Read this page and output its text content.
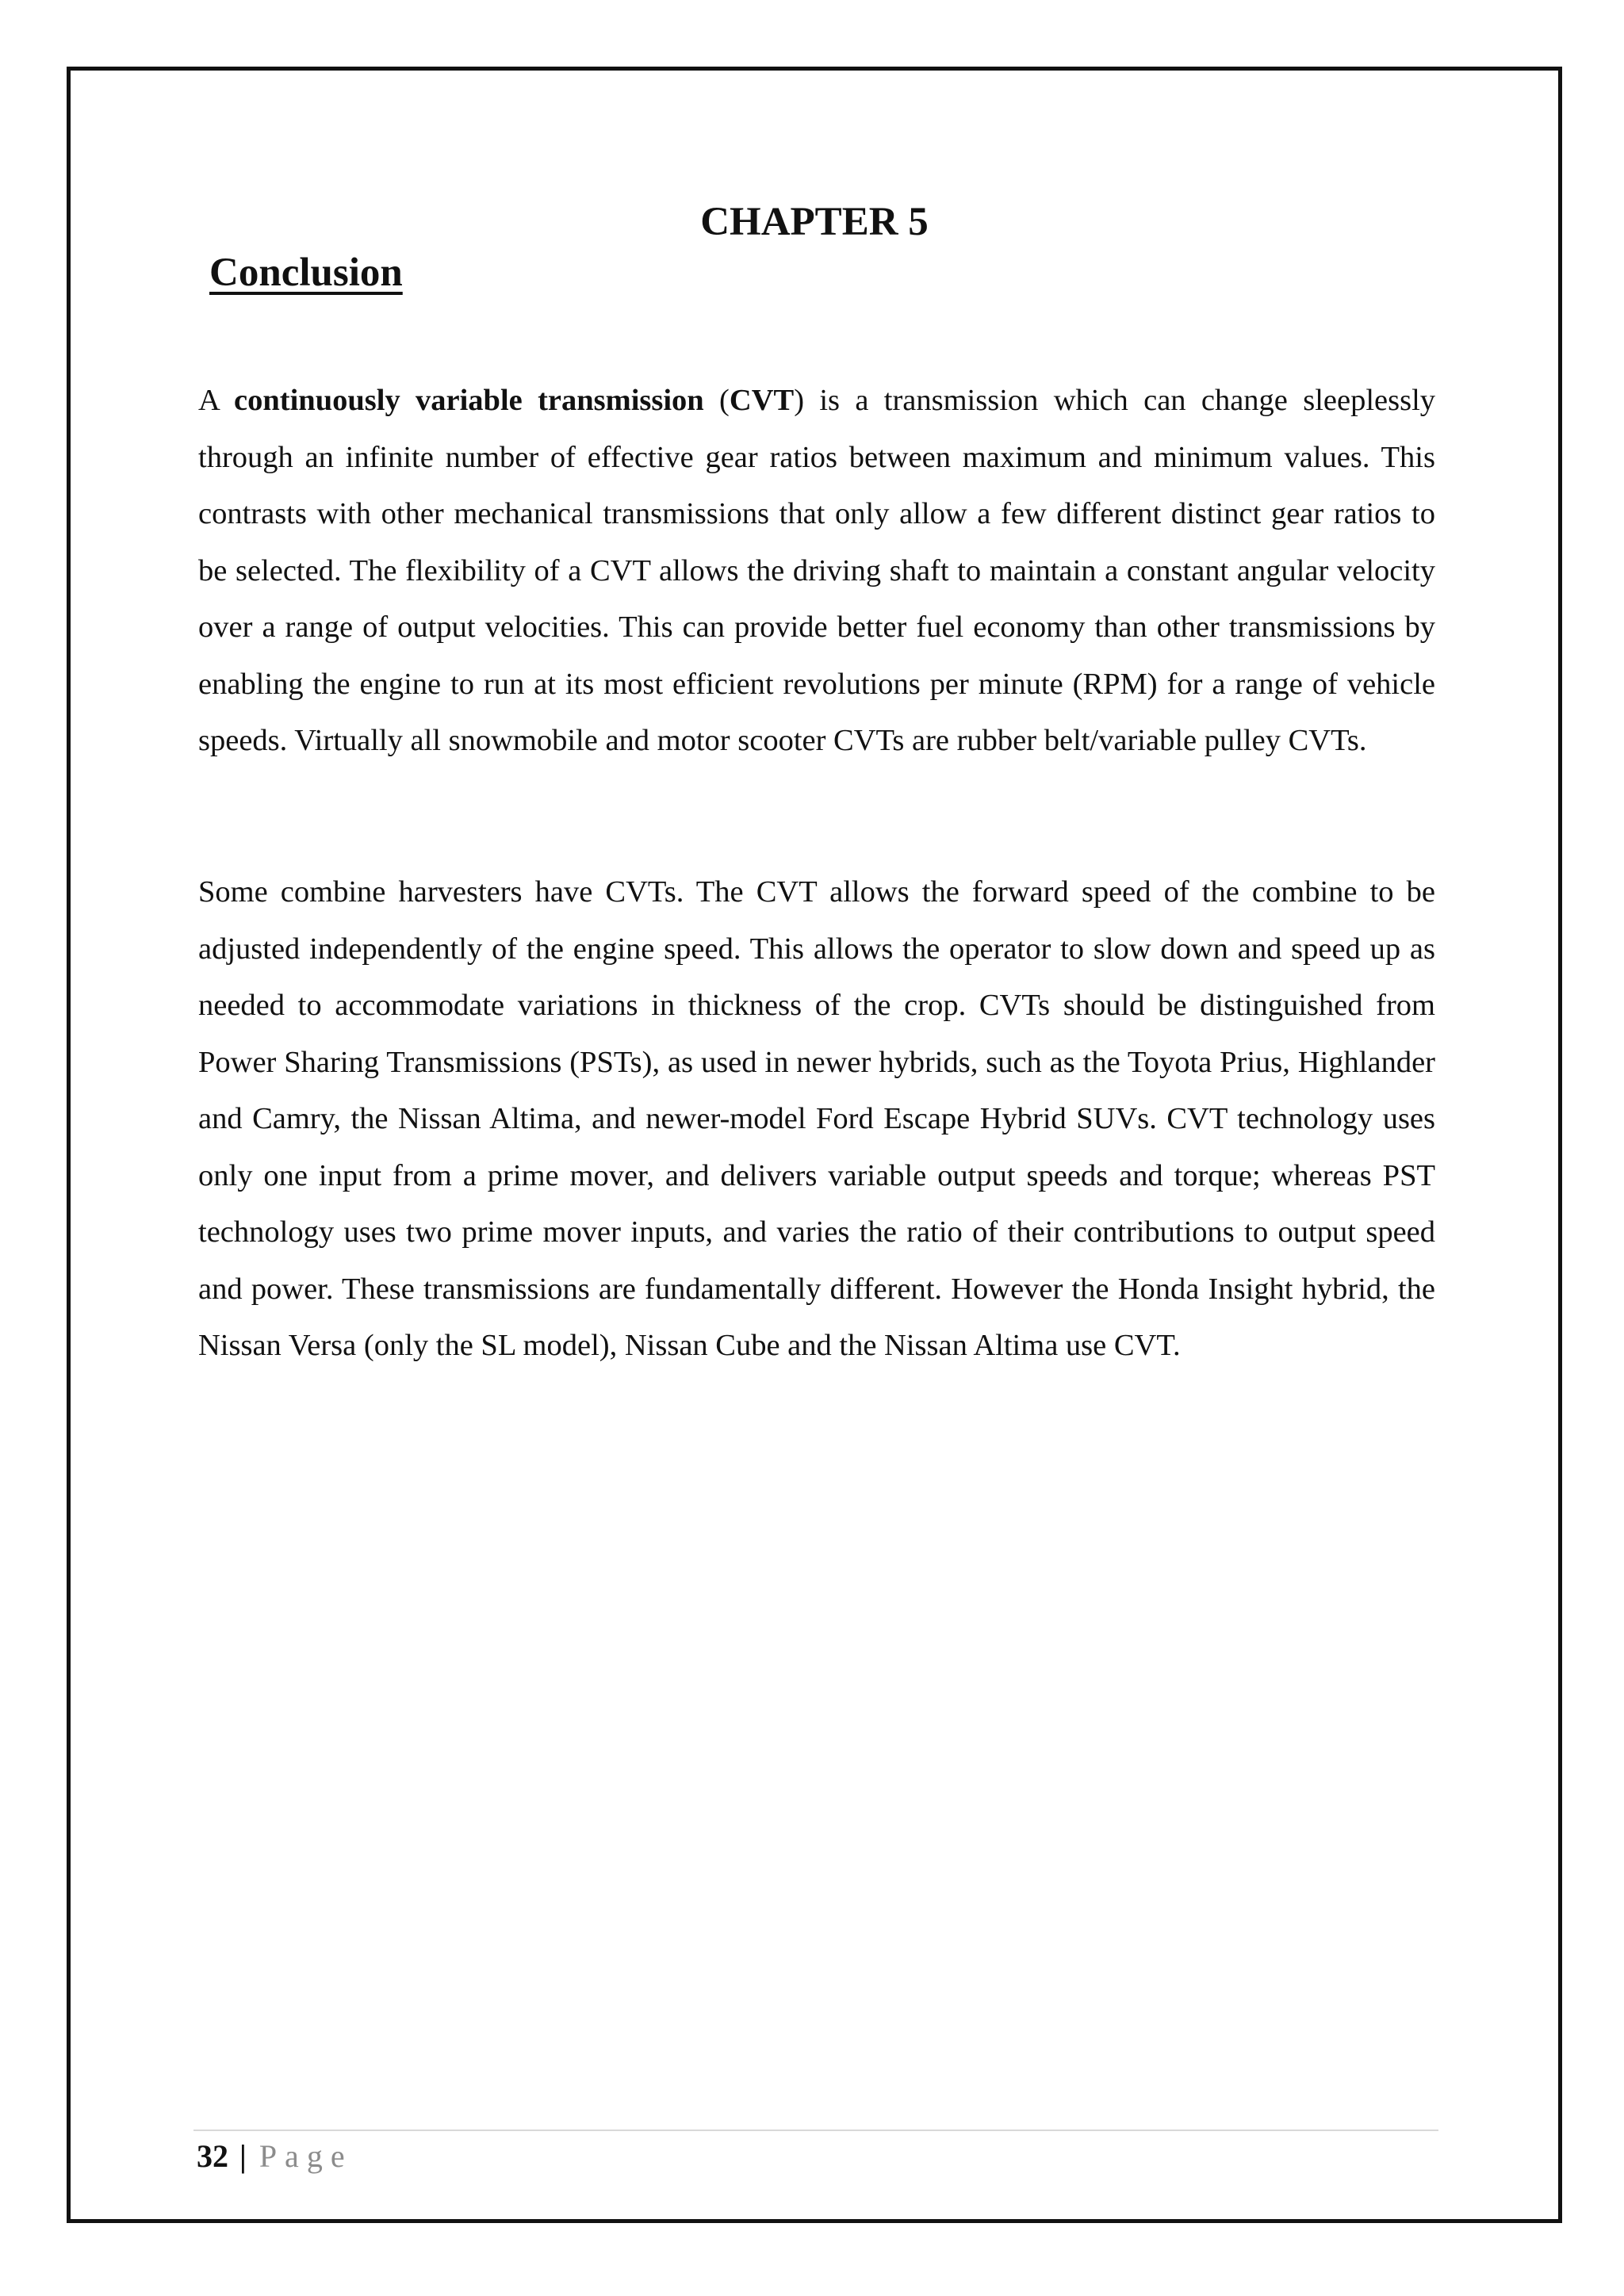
CHAPTER 5
Conclusion

A continuously variable transmission (CVT) is a transmission which can change sleeplessly through an infinite number of effective gear ratios between maximum and minimum values. This contrasts with other mechanical transmissions that only allow a few different distinct gear ratios to be selected. The flexibility of a CVT allows the driving shaft to maintain a constant angular velocity over a range of output velocities. This can provide better fuel economy than other transmissions by enabling the engine to run at its most efficient revolutions per minute (RPM) for a range of vehicle speeds. Virtually all snowmobile and motor scooter CVTs are rubber belt/variable pulley CVTs.

Some combine harvesters have CVTs. The CVT allows the forward speed of the combine to be adjusted independently of the engine speed. This allows the operator to slow down and speed up as needed to accommodate variations in thickness of the crop. CVTs should be distinguished from Power Sharing Transmissions (PSTs), as used in newer hybrids, such as the Toyota Prius, Highlander and Camry, the Nissan Altima, and newer-model Ford Escape Hybrid SUVs. CVT technology uses only one input from a prime mover, and delivers variable output speeds and torque; whereas PST technology uses two prime mover inputs, and varies the ratio of their contributions to output speed and power. These transmissions are fundamentally different. However the Honda Insight hybrid, the Nissan Versa (only the SL model), Nissan Cube and the Nissan Altima use CVT.

32 | Page
